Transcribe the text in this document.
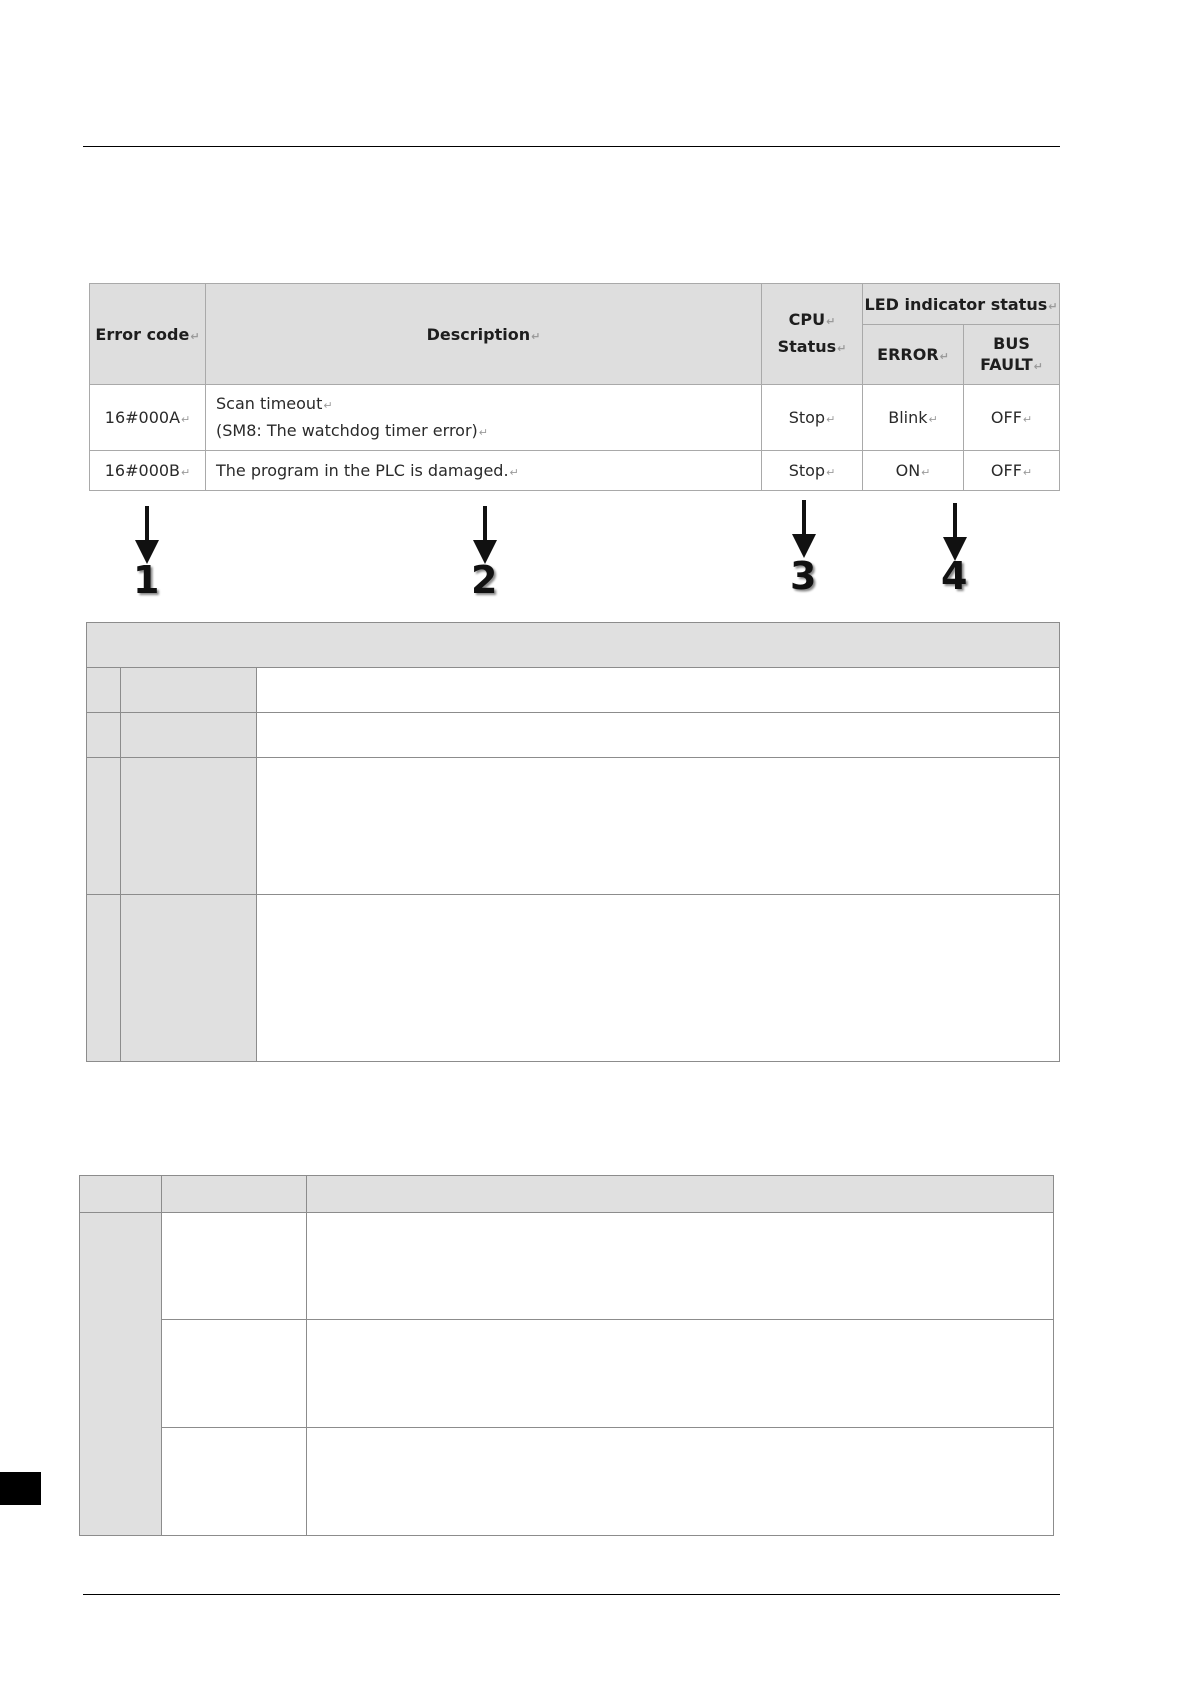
Error code↵	Description↵	CPU↵
Status↵	LED indicator status↵	
			ERROR↵	BUS
FAULT↵
16#000A↵	Scan timeout↵
(SM8: The watchdog timer error)↵	Stop↵	Blink↵	OFF↵
16#000B↵	The program in the PLC is damaged.↵	Stop↵	ON↵	OFF↵
1	2	3	4
